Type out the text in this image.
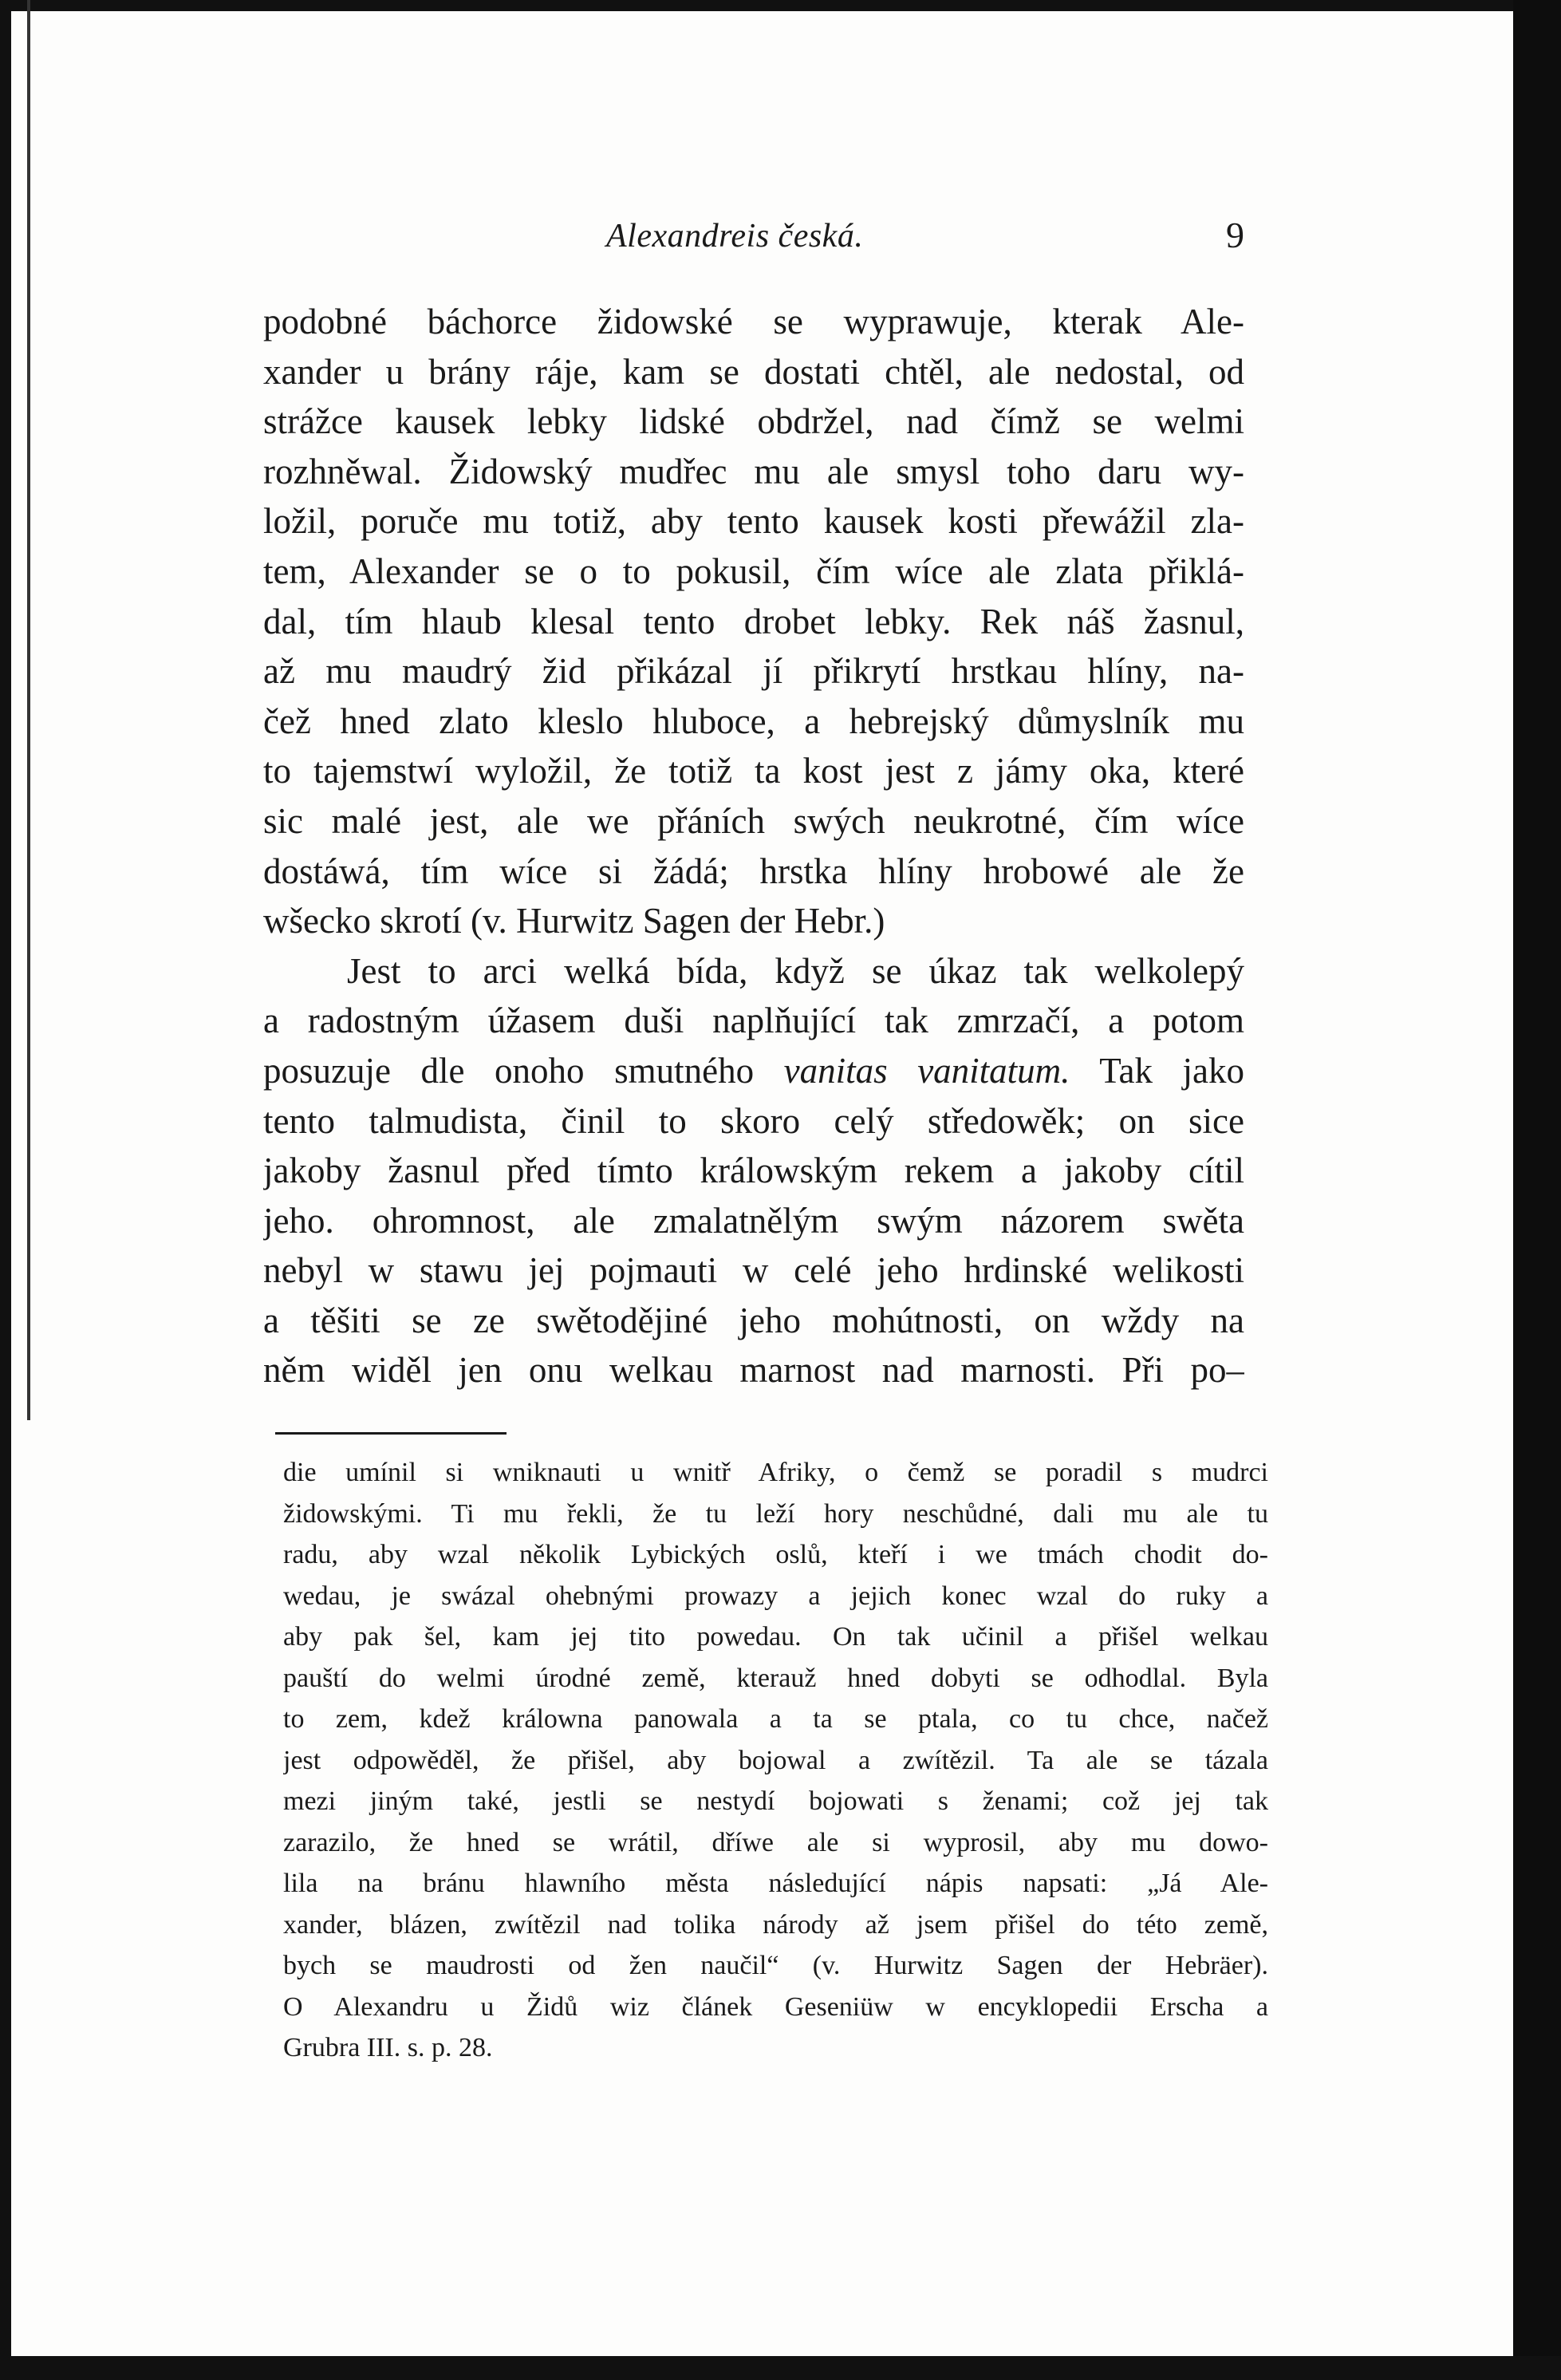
Alexandreis česká.	9
podobné báchorce židowské se wyprawuje, kterak Ale-
xander u brány ráje, kam se dostati chtěl, ale nedostal, od
strážce kausek lebky lidské obdržel, nad čímž se welmi
rozhněwal. Židowský mudřec mu ale smysl toho daru wy-
ložil, poruče mu totiž, aby tento kausek kosti přewážil zla-
tem, Alexander se o to pokusil, čím wíce ale zlata přiklá-
dal, tím hlaub klesal tento drobet lebky. Rek náš žasnul,
až mu maudrý žid přikázal jí přikrytí hrstkau hlíny, na-
čež hned zlato kleslo hluboce, a hebrejský důmyslník mu
to tajemstwí wyložil, že totiž ta kost jest z jámy oka, které
sic malé jest, ale we přáních swých neukrotné, čím wíce
dostáwá, tím wíce si žádá; hrstka hlíny hrobowé ale že
wšecko skrotí (v. Hurwitz Sagen der Hebr.)
Jest to arci welká bída, když se úkaz tak welkolepý
a radostným úžasem duši naplňující tak zmrzačí, a potom
posuzuje dle onoho smutného vanitas vanitatum. Tak jako
tento talmudista, činil to skoro celý středowěk; on sice
jakoby žasnul před tímto králowským rekem a jakoby cítil
jeho. ohromnost, ale zmalatnělým swým názorem swěta
nebyl w stawu jej pojmauti w celé jeho hrdinské welikosti
a těšiti se ze swětodějiné jeho mohútnosti, on wždy na
něm widěl jen onu welkau marnost nad marnosti. Při po–
die umínil si wniknauti u wnitř Afriky, o čemž se poradil s mudrci
židowskými. Ti mu řekli, že tu leží hory neschůdné, dali mu ale tu
radu, aby wzal několik Lybických oslů, kteří i we tmách chodit do-
wedau, je swázal ohebnými prowazy a jejich konec wzal do ruky a
aby pak šel, kam jej tito powedau. On tak učinil a přišel welkau
pauští do welmi úrodné země, kterauž hned dobyti se odhodlal. Byla
to zem, kdež králowna panowala a ta se ptala, co tu chce, načež
jest odpowěděl, že přišel, aby bojowal a zwítězil. Ta ale se tázala
mezi jiným také, jestli se nestydí bojowati s ženami; což jej tak
zarazilo, že hned se wrátil, dříwe ale si wyprosil, aby mu dowo-
lila na bránu hlawního města následující nápis napsati: „Já Ale-
xander, blázen, zwítězil nad tolika národy až jsem přišel do této země,
bych se maudrosti od žen naučil“ (v. Hurwitz Sagen der Hebräer).
O Alexandru u Židů wiz článek Geseniüw w encyklopedii Erscha a
Grubra III. s. p. 28.
